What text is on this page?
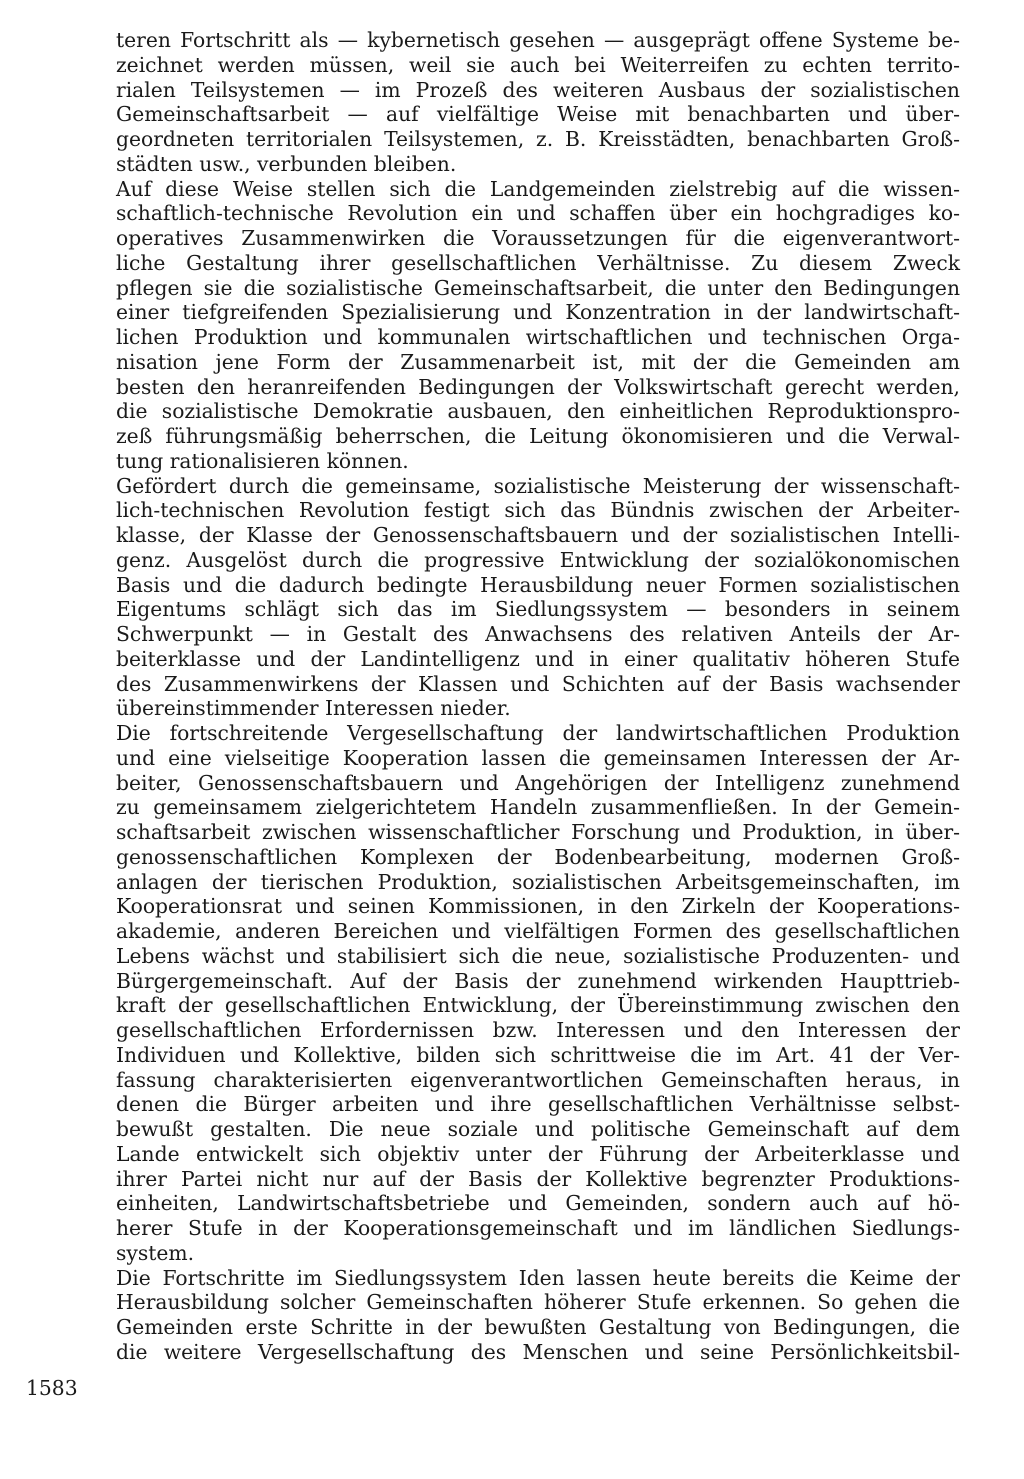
teren Fortschritt als — kybernetisch gesehen — ausgeprägt offene Systeme be-
zeichnet werden müssen, weil sie auch bei Weiterreifen zu echten territo-
rialen Teilsystemen — im Prozeß des weiteren Ausbaus der sozialistischen
Gemeinschaftsarbeit — auf vielfältige Weise mit benachbarten und über-
geordneten territorialen Teilsystemen, z. B. Kreisstädten, benachbarten Groß-
städten usw., verbunden bleiben.
Auf diese Weise stellen sich die Landgemeinden zielstrebig auf die wissen-
schaftlich-technische Revolution ein und schaffen über ein hochgradiges ko-
operatives Zusammenwirken die Voraussetzungen für die eigenverantwort-
liche Gestaltung ihrer gesellschaftlichen Verhältnisse. Zu diesem Zweck
pflegen sie die sozialistische Gemeinschaftsarbeit, die unter den Bedingungen
einer tiefgreifenden Spezialisierung und Konzentration in der landwirtschaft-
lichen Produktion und kommunalen wirtschaftlichen und technischen Orga-
nisation jene Form der Zusammenarbeit ist, mit der die Gemeinden am
besten den heranreifenden Bedingungen der Volkswirtschaft gerecht werden,
die sozialistische Demokratie ausbauen, den einheitlichen Reproduktionspro-
zeß führungsmäßig beherrschen, die Leitung ökonomisieren und die Verwal-
tung rationalisieren können.
Gefördert durch die gemeinsame, sozialistische Meisterung der wissenschaft-
lich-technischen Revolution festigt sich das Bündnis zwischen der Arbeiter-
klasse, der Klasse der Genossenschaftsbauern und der sozialistischen Intelli-
genz. Ausgelöst durch die progressive Entwicklung der sozialökonomischen
Basis und die dadurch bedingte Herausbildung neuer Formen sozialistischen
Eigentums schlägt sich das im Siedlungssystem — besonders in seinem
Schwerpunkt — in Gestalt des Anwachsens des relativen Anteils der Ar-
beiterklasse und der Landintelligenz und in einer qualitativ höheren Stufe
des Zusammenwirkens der Klassen und Schichten auf der Basis wachsender
übereinstimmender Interessen nieder.
Die fortschreitende Vergesellschaftung der landwirtschaftlichen Produktion
und eine vielseitige Kooperation lassen die gemeinsamen Interessen der Ar-
beiter, Genossenschaftsbauern und Angehörigen der Intelligenz zunehmend
zu gemeinsamem zielgerichtetem Handeln zusammenfließen. In der Gemein-
schaftsarbeit zwischen wissenschaftlicher Forschung und Produktion, in über-
genossenschaftlichen Komplexen der Bodenbearbeitung, modernen Groß-
anlagen der tierischen Produktion, sozialistischen Arbeitsgemeinschaften, im
Kooperationsrat und seinen Kommissionen, in den Zirkeln der Kooperations-
akademie, anderen Bereichen und vielfältigen Formen des gesellschaftlichen
Lebens wächst und stabilisiert sich die neue, sozialistische Produzenten- und
Bürgergemeinschaft. Auf der Basis der zunehmend wirkenden Haupttrieb-
kraft der gesellschaftlichen Entwicklung, der Übereinstimmung zwischen den
gesellschaftlichen Erfordernissen bzw. Interessen und den Interessen der
Individuen und Kollektive, bilden sich schrittweise die im Art. 41 der Ver-
fassung charakterisierten eigenverantwortlichen Gemeinschaften heraus, in
denen die Bürger arbeiten und ihre gesellschaftlichen Verhältnisse selbst-
bewußt gestalten. Die neue soziale und politische Gemeinschaft auf dem
Lande entwickelt sich objektiv unter der Führung der Arbeiterklasse und
ihrer Partei nicht nur auf der Basis der Kollektive begrenzter Produktions-
einheiten, Landwirtschaftsbetriebe und Gemeinden, sondern auch auf hö-
herer Stufe in der Kooperationsgemeinschaft und im ländlichen Siedlungs-
system.
Die Fortschritte im Siedlungssystem Iden lassen heute bereits die Keime der
Herausbildung solcher Gemeinschaften höherer Stufe erkennen. So gehen die
Gemeinden erste Schritte in der bewußten Gestaltung von Bedingungen, die
die weitere Vergesellschaftung des Menschen und seine Persönlichkeitsbil-
1583
